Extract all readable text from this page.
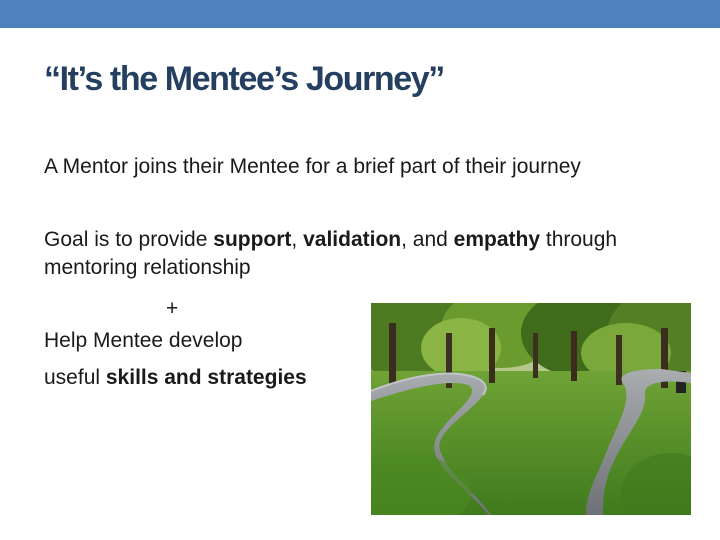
“It’s the Mentee’s Journey”
A Mentor joins their Mentee for a brief part of their journey
Goal is to provide support, validation, and empathy through
mentoring relationship
+
Help Mentee develop
useful skills and strategies
